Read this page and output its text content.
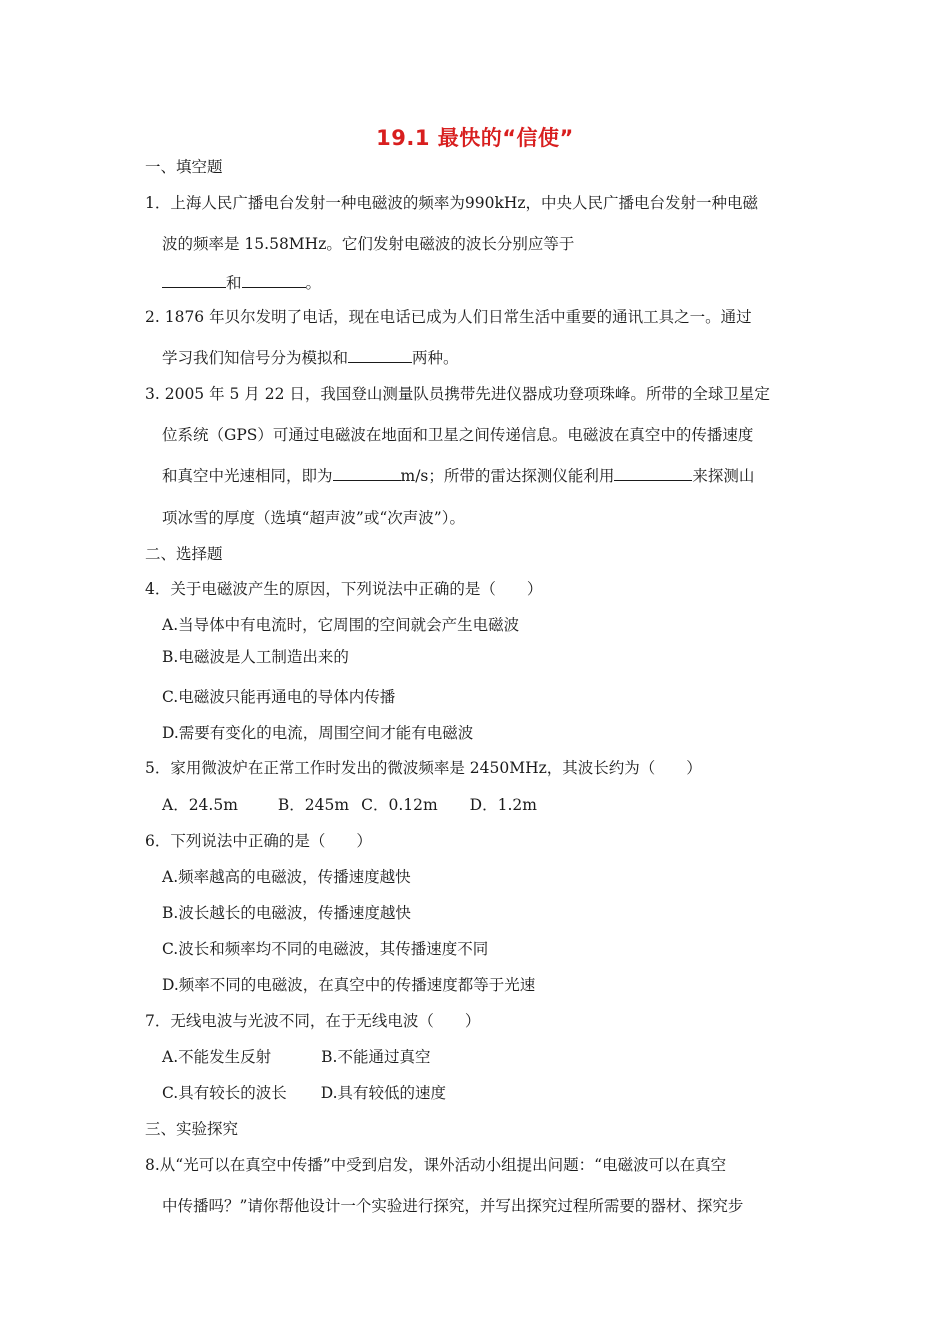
19.1 最快的“信使”
一、填空题
1．上海人民广播电台发射一种电磁波的频率为990kHz，中央人民广播电台发射一种电磁
波的频率是 15.58MHz。它们发射电磁波的波长分别应等于
和	。
2. 1876 年贝尔发明了电话，现在电话已成为人们日常生活中重要的通讯工具之一。通过
学习我们知信号分为模拟和	两种。
3. 2005 年 5 月 22 日，我国登山测量队员携带先进仪器成功登项珠峰。所带的全球卫星定
位系统（GPS）可通过电磁波在地面和卫星之间传递信息。电磁波在真空中的传播速度
和真空中光速相同，即为	m/s；所带的雷达探测仪能利用	来探测山
项冰雪的厚度（选填“超声波”或“次声波”）。
二、选择题
4．关于电磁波产生的原因，下列说法中正确的是（　　）
A.当导体中有电流时，它周围的空间就会产生电磁波
B.电磁波是人工制造出来的
C.电磁波只能再通电的导体内传播
D.需要有变化的电流，周围空间才能有电磁波
5．家用微波炉在正常工作时发出的微波频率是 2450MHz，其波长约为（　　）
A．24.5m	B．245m C．0.12m D．1.2m
6．下列说法中正确的是（　　）
A.频率越高的电磁波，传播速度越快
B.波长越长的电磁波，传播速度越快
C.波长和频率均不同的电磁波，其传播速度不同
D.频率不同的电磁波，在真空中的传播速度都等于光速
7．无线电波与光波不同，在于无线电波（　　）
A.不能发生反射	B.不能通过真空
C.具有较长的波长 D.具有较低的速度
三、实验探究
8.从“光可以在真空中传播”中受到启发，课外活动小组提出问题：“电磁波可以在真空
中传播吗？”请你帮他设计一个实验进行探究，并写出探究过程所需要的器材、探究步
